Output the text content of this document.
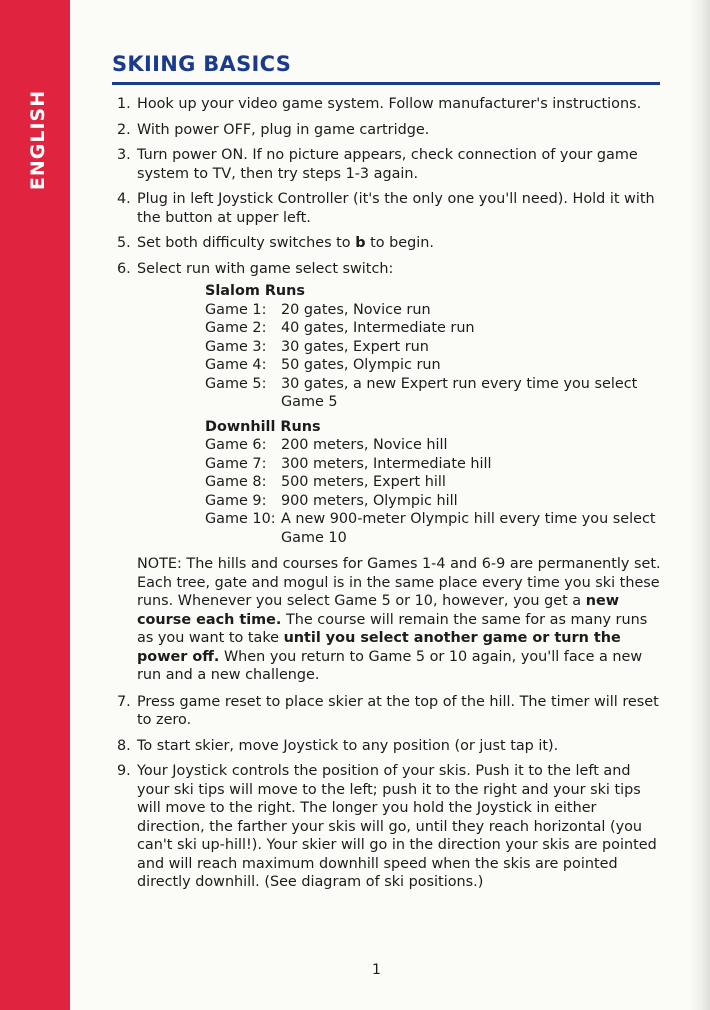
ENGLISH
SKIING BASICS
1. Hook up your video game system. Follow manufacturer's instructions.
2. With power OFF, plug in game cartridge.
3. Turn power ON. If no picture appears, check connection of your game system to TV, then try steps 1-3 again.
4. Plug in left Joystick Controller (it's the only one you'll need). Hold it with the button at upper left.
5. Set both difficulty switches to b to begin.
6. Select run with game select switch:
Slalom Runs
Game 1:	20 gates, Novice run
Game 2:	40 gates, Intermediate run
Game 3:	30 gates, Expert run
Game 4:	50 gates, Olympic run
Game 5:	30 gates, a new Expert run every time you select Game 5
Downhill Runs
Game 6:	200 meters, Novice hill
Game 7:	300 meters, Intermediate hill
Game 8:	500 meters, Expert hill
Game 9:	900 meters, Olympic hill
Game 10: A new 900-meter Olympic hill every time you select Game 10
NOTE: The hills and courses for Games 1-4 and 6-9 are permanently set. Each tree, gate and mogul is in the same place every time you ski these runs. Whenever you select Game 5 or 10, however, you get a new course each time. The course will remain the same for as many runs as you want to take until you select another game or turn the power off. When you return to Game 5 or 10 again, you'll face a new run and a new challenge.
7. Press game reset to place skier at the top of the hill. The timer will reset to zero.
8. To start skier, move Joystick to any position (or just tap it).
9. Your Joystick controls the position of your skis. Push it to the left and your ski tips will move to the left; push it to the right and your ski tips will move to the right. The longer you hold the Joystick in either direction, the farther your skis will go, until they reach horizontal (you can't ski up-hill!). Your skier will go in the direction your skis are pointed and will reach maximum downhill speed when the skis are pointed directly downhill. (See diagram of ski positions.)
1
